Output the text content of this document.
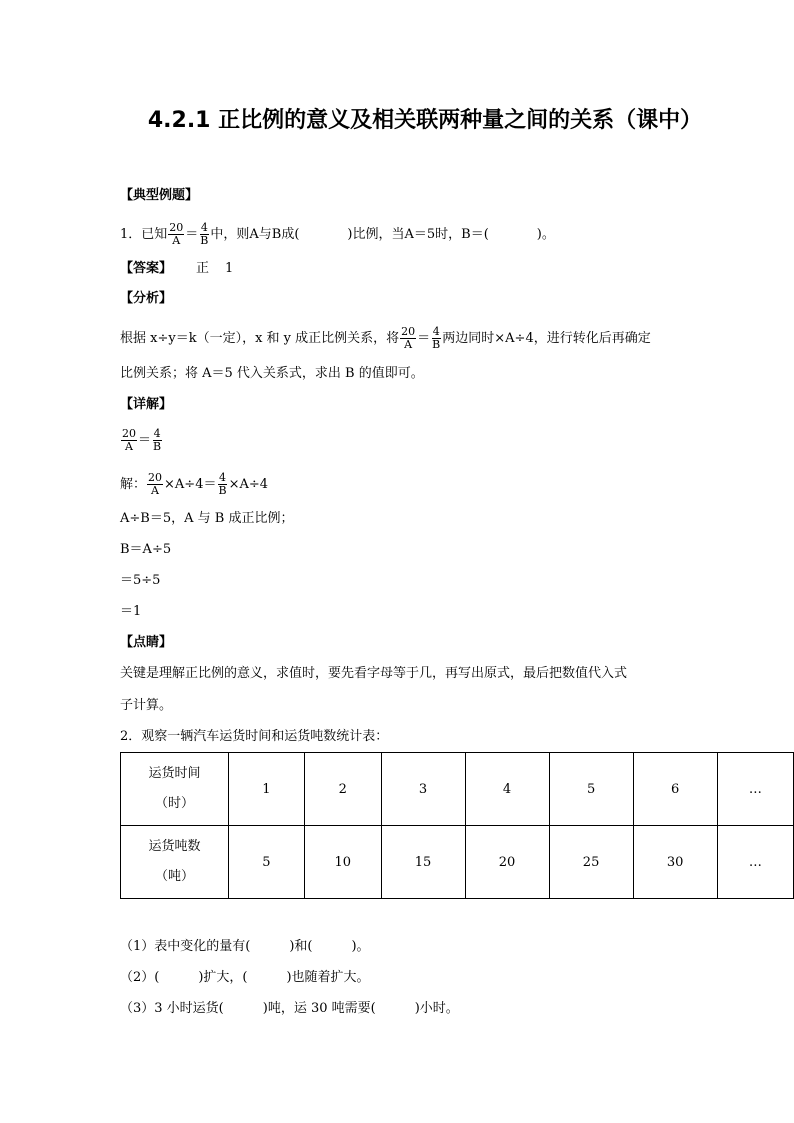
4.2.1 正比例的意义及相关联两种量之间的关系（课中）
【典型例题】
1．已知 $\frac{20}{A} = \frac{4}{B}$ 中，则A与B成(	)比例，当A＝5时，B＝(	)。
【答案】 正 1
【分析】
根据 x÷y＝k（一定），x 和 y 成正比例关系，将 $\frac{20}{A} = \frac{4}{B}$ 两边同时×A÷4，进行转化后再确定
比例关系；将 A＝5 代入关系式，求出 B 的值即可。
【详解】
$\frac{20}{A} = \frac{4}{B}$
解： $\frac{20}{A} \times A\div 4= \frac{4}{B} \times A\div 4$
A÷B＝5，A 与 B 成正比例；
B＝A÷5
＝5÷5
＝1
【点睛】
关键是理解正比例的意义，求值时，要先看字母等于几，再写出原式，最后把数值代入式
子计算。
2．观察一辆汽车运货时间和运货吨数统计表：
运货时间
（时）	1	2	3	4	5	6	…

运货吨数
（吨）	5	10	15	20	25	30	…
（1）表中变化的量有(　　　)和(　　　)。
（2）(　　　)扩大，(　　　)也随着扩大。
（3）3 小时运货(　　　)吨，运 30 吨需要(　　　)小时。
